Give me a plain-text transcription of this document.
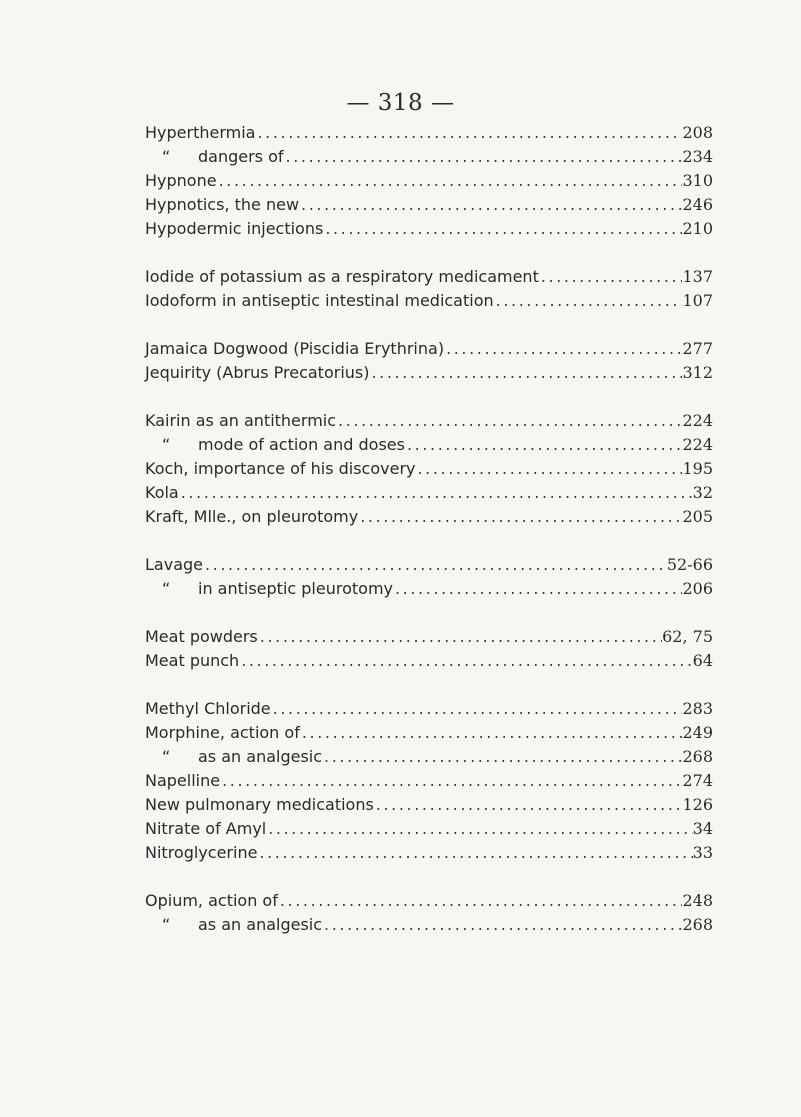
— 318 —
Hyperthermia .....	208
“ dangers of .....	234
Hypnone .....	310
Hypnotics, the new .....	246
Hypodermic injections .....	210
Iodide of potassium as a respiratory medicament .....	137
Iodoform in antiseptic intestinal medication .....	107
Jamaica Dogwood (Piscidia Erythrina) .....	277
Jequirity (Abrus Precatorius) .....	312
Kairin as an antithermic .....	224
“ mode of action and doses .....	224
Koch, importance of his discovery .....	195
Kola .....	32
Kraft, Mlle., on pleurotomy .....	205
Lavage .....	52-66
“ in antiseptic pleurotomy .....	206
Meat powders .....	62, 75
Meat punch .....	64
Methyl Chloride .....	283
Morphine, action of .....	249
“ as an analgesic .....	268
Napelline .....	274
New pulmonary medications .....	126
Nitrate of Amyl .....	34
Nitroglycerine .....	33
Opium, action of .....	248
“ as an analgesic .....	268
